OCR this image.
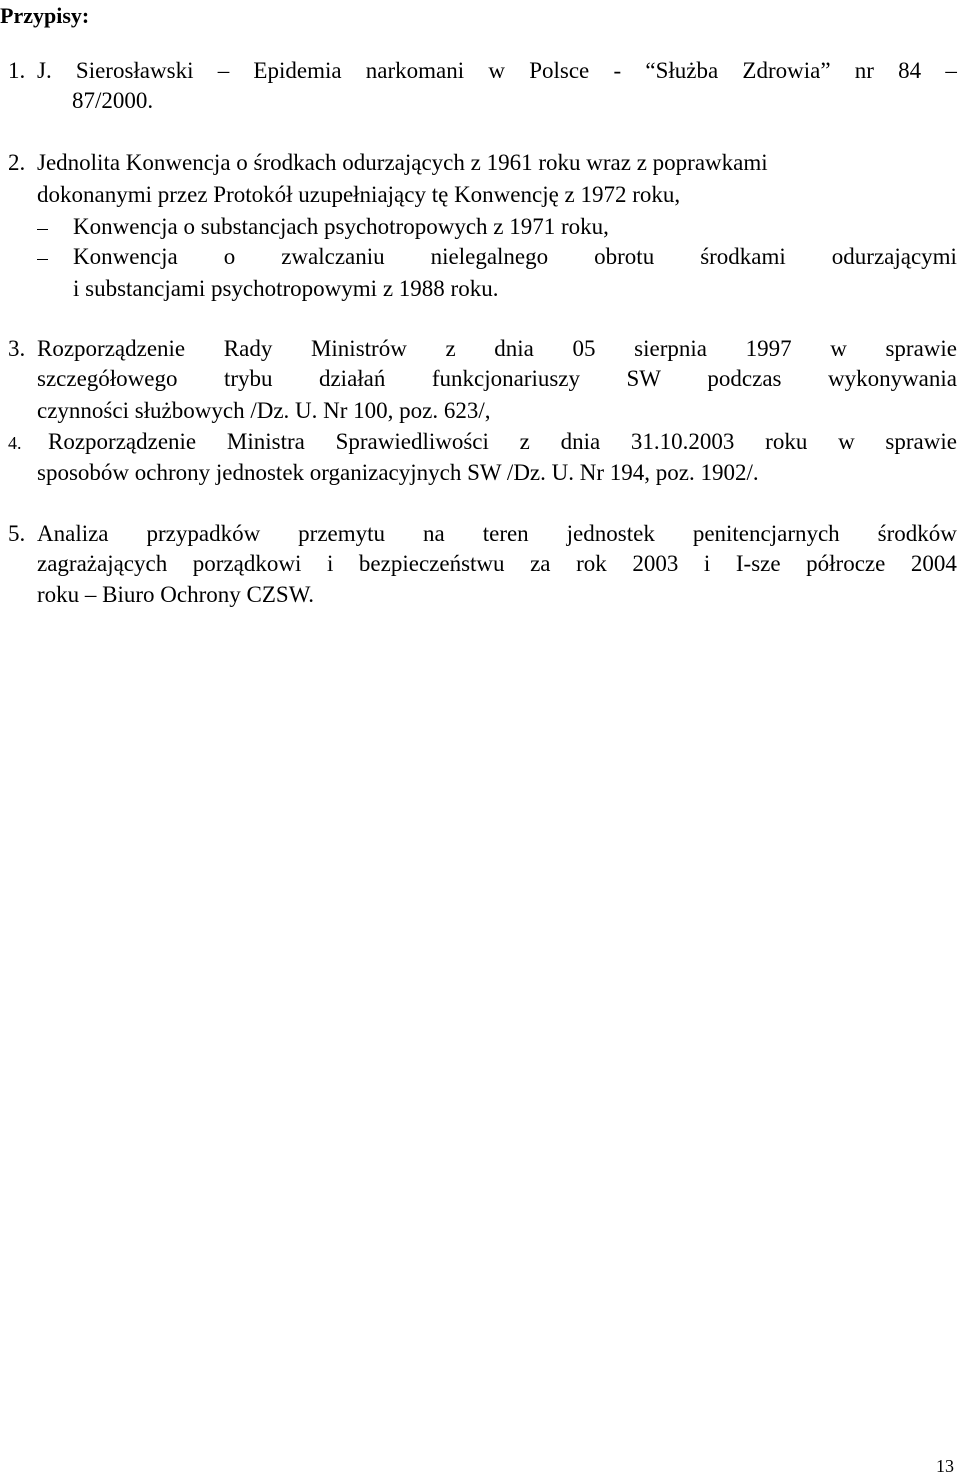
Przypisy:
1. J. Sierosławski – Epidemia narkomani w Polsce - “Służba Zdrowia” nr 84 –
87/2000.
2. Jednolita Konwencja o środkach odurzających z 1961 roku wraz z poprawkami
dokonanymi przez Protokół uzupełniający tę Konwencję z 1972 roku,
Konwencja o substancjach psychotropowych z 1971 roku,
Konwencja o zwalczaniu nielegalnego obrotu środkami odurzającymi
i substancjami psychotropowymi z 1988 roku.
3. Rozporządzenie Rady Ministrów z dnia 05 sierpnia 1997 w sprawie
szczegółowego trybu działań funkcjonariuszy SW podczas wykonywania
czynności służbowych /Dz. U. Nr 100, poz. 623/,
4. Rozporządzenie Ministra Sprawiedliwości z dnia 31.10.2003 roku w sprawie
sposobów ochrony jednostek organizacyjnych SW /Dz. U. Nr 194, poz. 1902/.
5. Analiza przypadków przemytu na teren jednostek penitencjarnych środków
zagrażających porządkowi i bezpieczeństwu za rok 2003 i I-sze półrocze 2004
roku – Biuro Ochrony CZSW.
13
